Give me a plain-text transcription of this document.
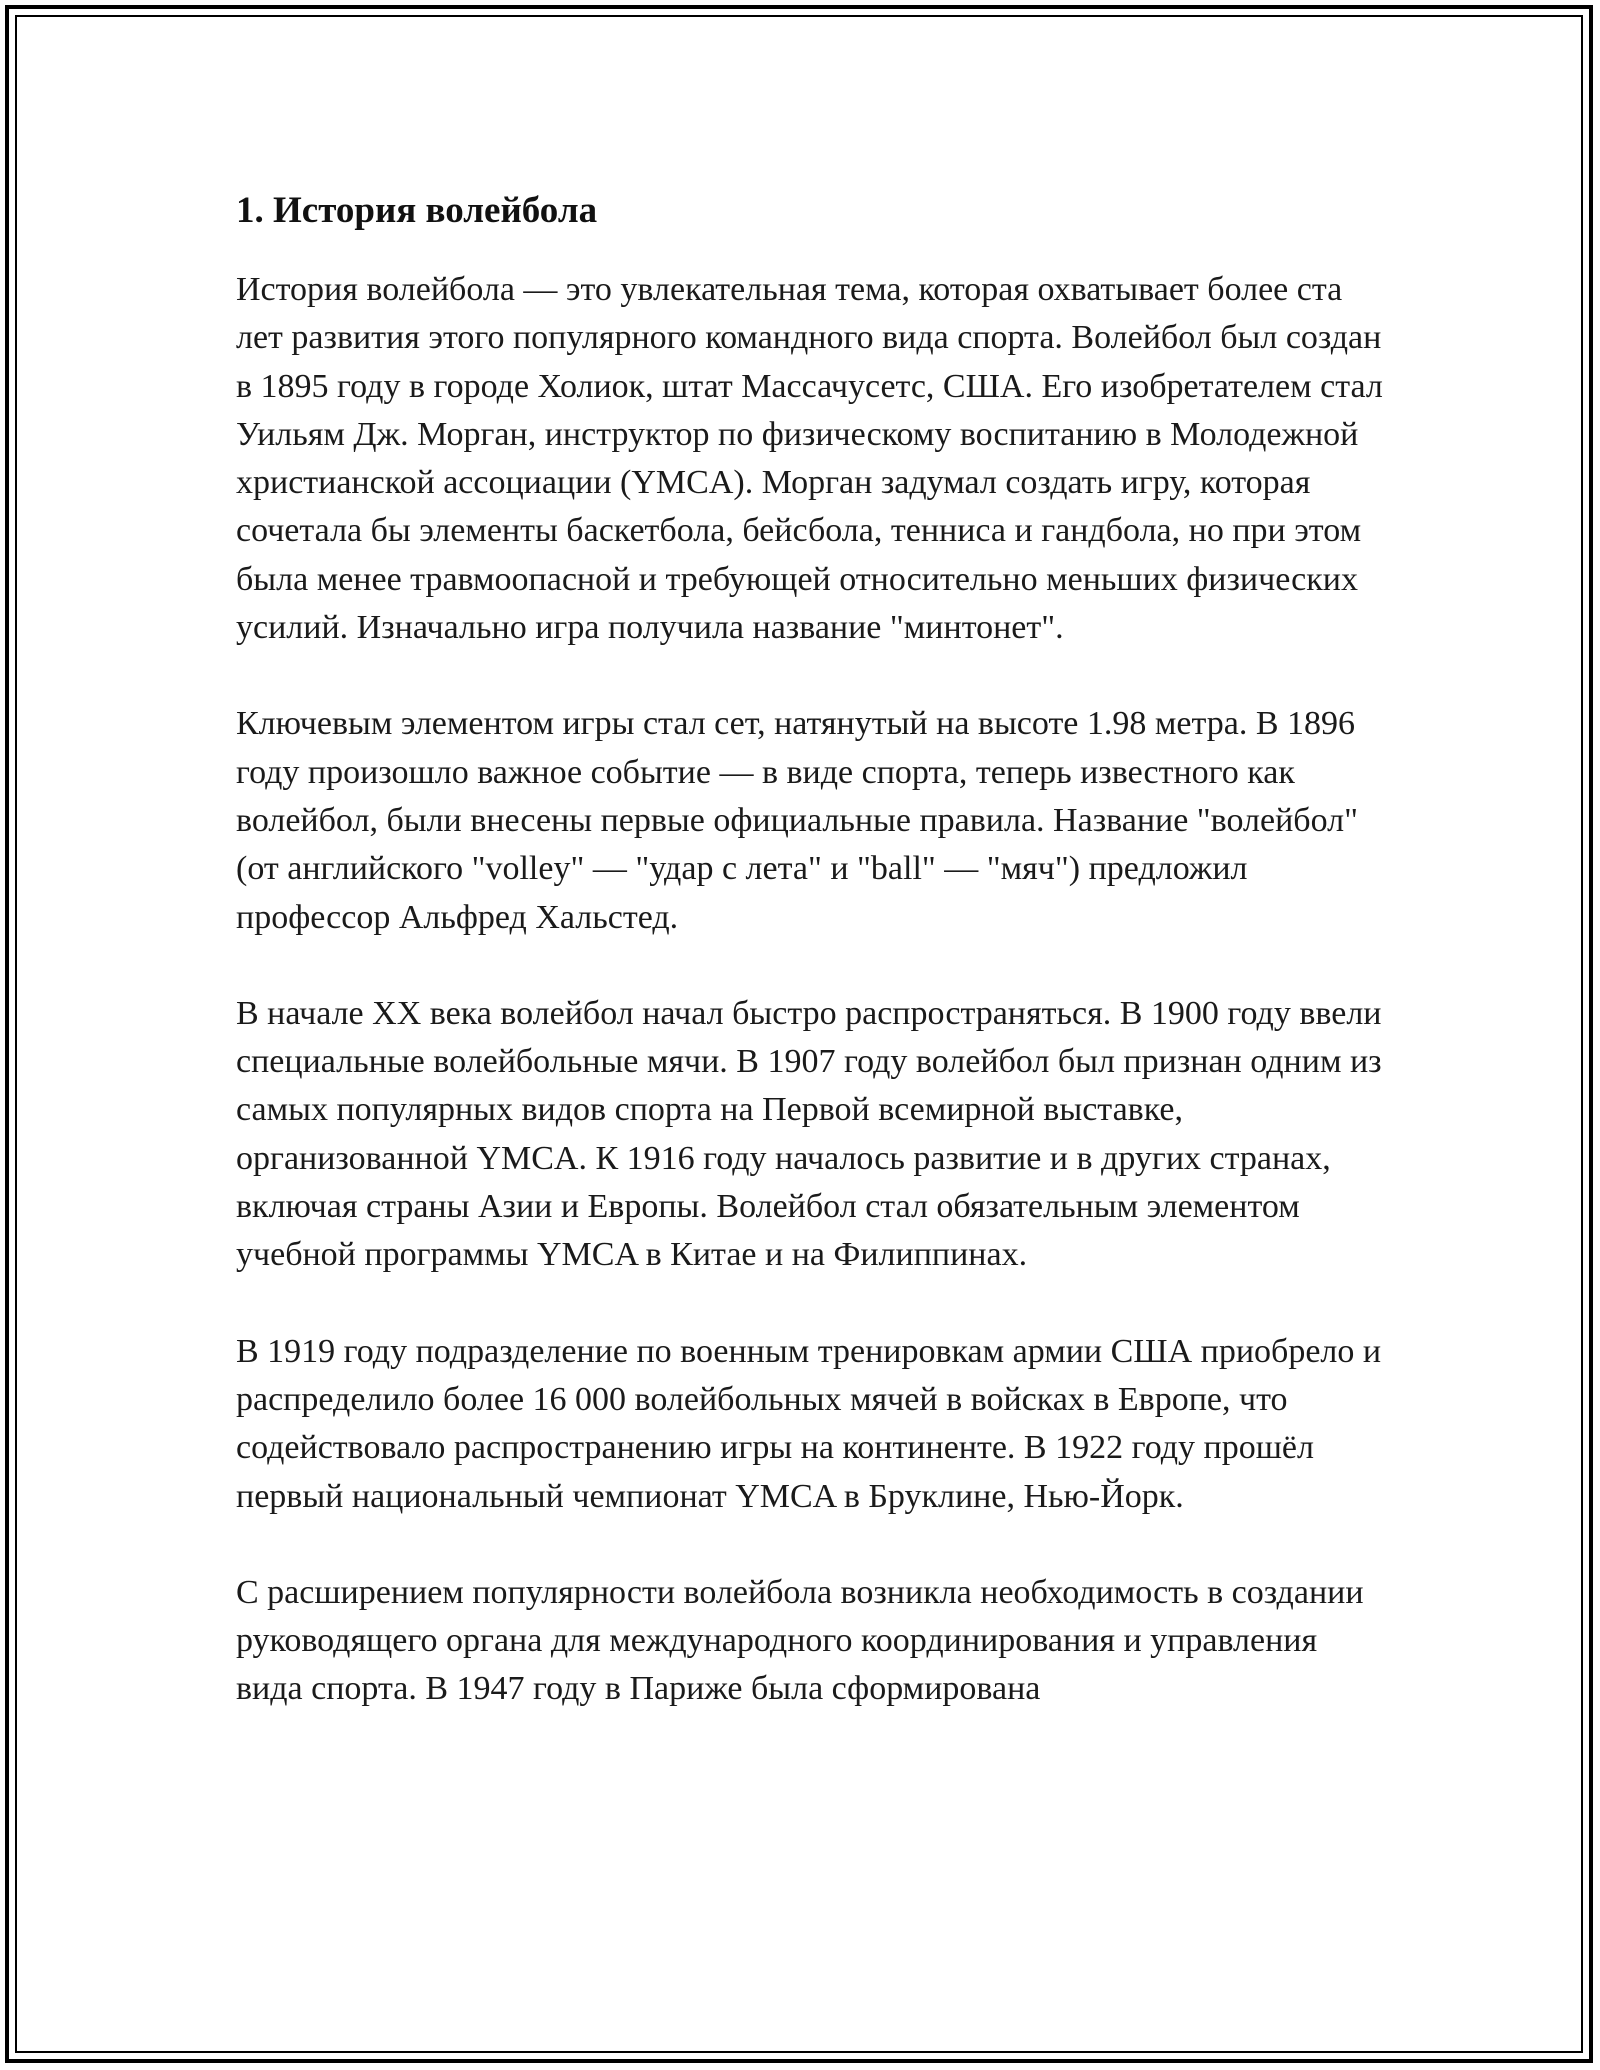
1. История волейбола

История волейбола — это увлекательная тема, которая охватывает более ста лет развития этого популярного командного вида спорта. Волейбол был создан в 1895 году в городе Холиок, штат Массачусетс, США. Его изобретателем стал Уильям Дж. Морган, инструктор по физическому воспитанию в Молодежной христианской ассоциации (YMCA). Морган задумал создать игру, которая сочетала бы элементы баскетбола, бейсбола, тенниса и гандбола, но при этом была менее травмоопасной и требующей относительно меньших физических усилий. Изначально игра получила название "минтонет".

Ключевым элементом игры стал сет, натянутый на высоте 1.98 метра. В 1896 году произошло важное событие — в виде спорта, теперь известного как волейбол, были внесены первые официальные правила. Название "волейбол" (от английского "volley" — "удар с лета" и "ball" — "мяч") предложил профессор Альфред Хальстед.

В начале XX века волейбол начал быстро распространяться. В 1900 году ввели специальные волейбольные мячи. В 1907 году волейбол был признан одним из самых популярных видов спорта на Первой всемирной выставке, организованной YMCA. К 1916 году началось развитие и в других странах, включая страны Азии и Европы. Волейбол стал обязательным элементом учебной программы YMCA в Китае и на Филиппинах.

В 1919 году подразделение по военным тренировкам армии США приобрело и распределило более 16 000 волейбольных мячей в войсках в Европе, что содействовало распространению игры на континенте. В 1922 году прошёл первый национальный чемпионат YMCA в Бруклине, Нью-Йорк.

С расширением популярности волейбола возникла необходимость в создании руководящего органа для международного координирования и управления вида спорта. В 1947 году в Париже была сформирована
